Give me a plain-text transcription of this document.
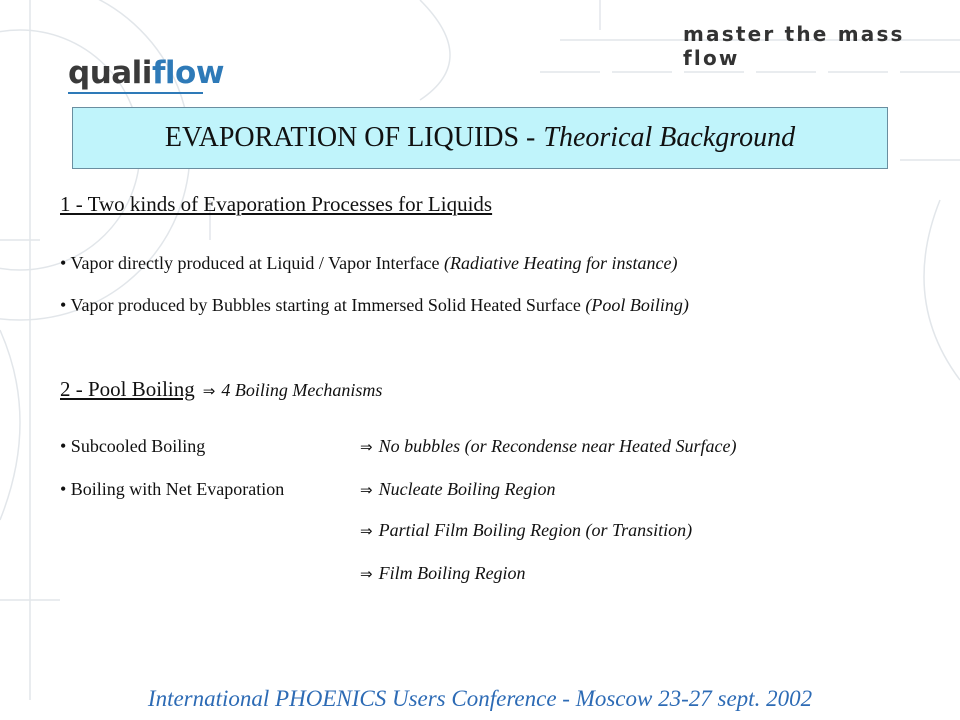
qualiflow
master the mass flow
EVAPORATION OF LIQUIDS - Theorical Background
1 - Two kinds of Evaporation Processes for Liquids
• Vapor directly produced at Liquid / Vapor Interface (Radiative Heating for instance)
• Vapor produced by Bubbles starting at Immersed Solid Heated Surface (Pool Boiling)
2 - Pool Boiling ⇒ 4 Boiling Mechanisms
• Subcooled Boiling
• Boiling with Net Evaporation
⇒ No bubbles (or Recondense near Heated Surface)
⇒ Nucleate Boiling Region
⇒ Partial Film Boiling Region (or Transition)
⇒ Film Boiling Region
International PHOENICS Users Conference - Moscow 23-27 sept. 2002
